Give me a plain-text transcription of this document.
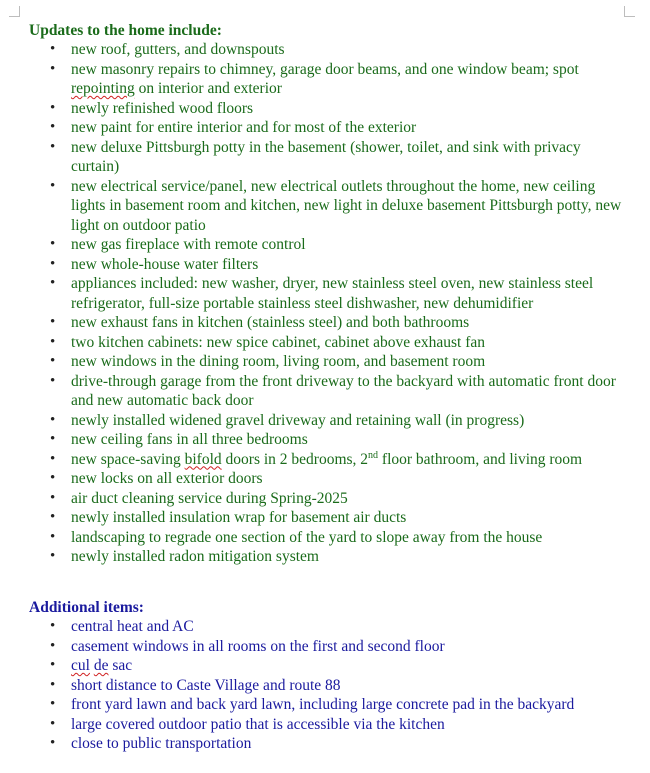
Updates to the home include:

• new roof, gutters, and downspouts
• new masonry repairs to chimney, garage door beams, and one window beam; spot repointing on interior and exterior
• newly refinished wood floors
• new paint for entire interior and for most of the exterior
• new deluxe Pittsburgh potty in the basement (shower, toilet, and sink with privacy curtain)
• new electrical service/panel, new electrical outlets throughout the home, new ceiling lights in basement room and kitchen, new light in deluxe basement Pittsburgh potty, new light on outdoor patio
• new gas fireplace with remote control
• new whole-house water filters
• appliances included: new washer, dryer, new stainless steel oven, new stainless steel refrigerator, full-size portable stainless steel dishwasher, new dehumidifier
• new exhaust fans in kitchen (stainless steel) and both bathrooms
• two kitchen cabinets: new spice cabinet, cabinet above exhaust fan
• new windows in the dining room, living room, and basement room
• drive-through garage from the front driveway to the backyard with automatic front door and new automatic back door
• newly installed widened gravel driveway and retaining wall (in progress)
• new ceiling fans in all three bedrooms
• new space-saving bifold doors in 2 bedrooms, 2nd floor bathroom, and living room
• new locks on all exterior doors
• air duct cleaning service during Spring-2025
• newly installed insulation wrap for basement air ducts
• landscaping to regrade one section of the yard to slope away from the house
• newly installed radon mitigation system

Additional items:

• central heat and AC
• casement windows in all rooms on the first and second floor
• cul de sac
• short distance to Caste Village and route 88
• front yard lawn and back yard lawn, including large concrete pad in the backyard
• large covered outdoor patio that is accessible via the kitchen
• close to public transportation
